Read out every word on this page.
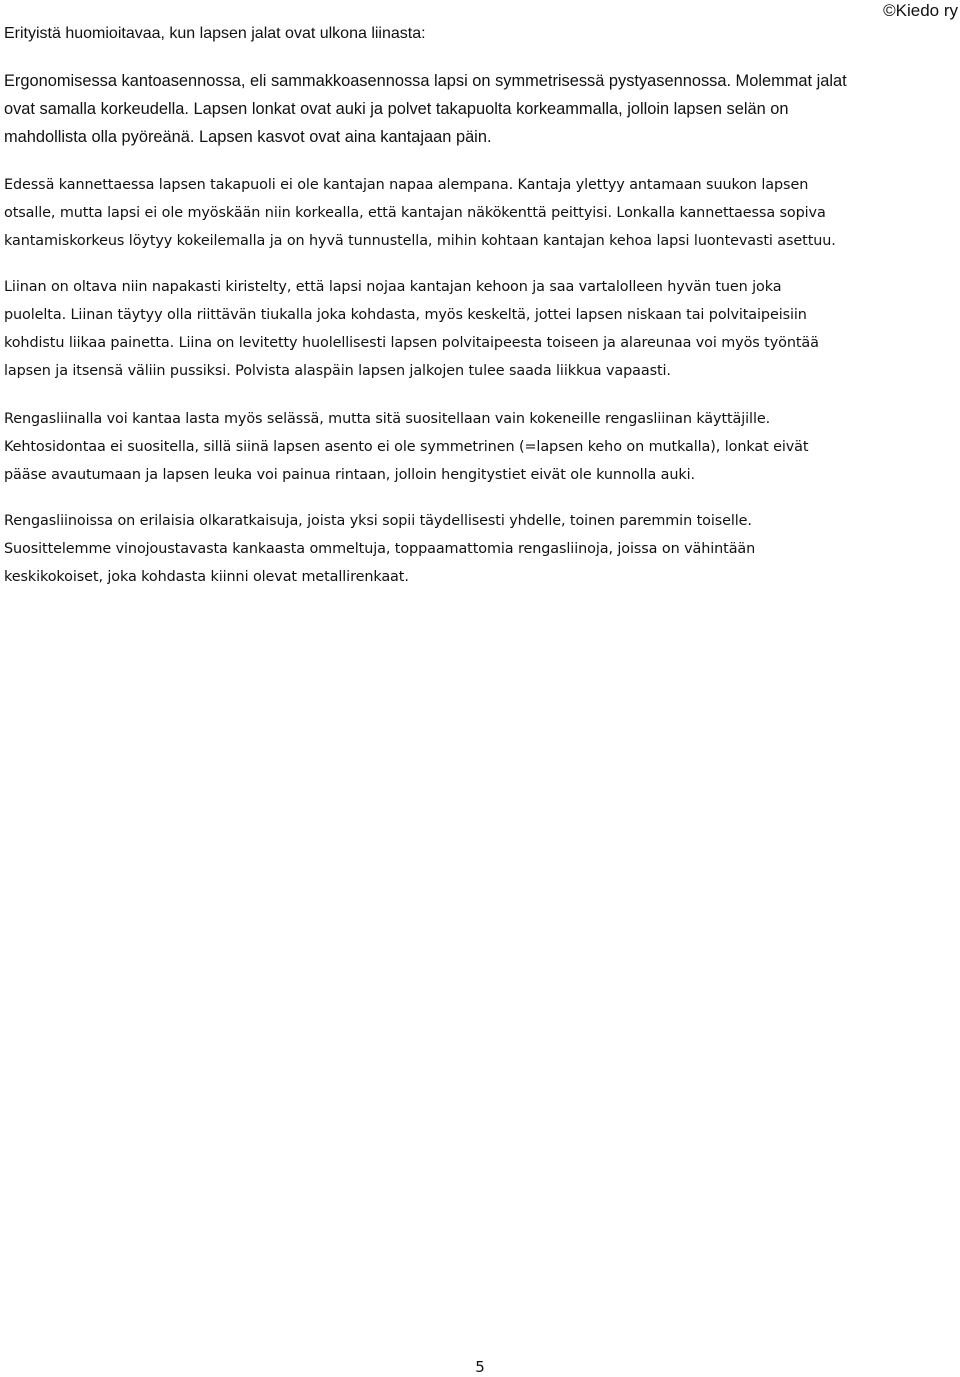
©Kiedo ry
Erityistä huomioitavaa, kun lapsen jalat ovat ulkona liinasta:
Ergonomisessa kantoasennossa, eli sammakkoasennossa lapsi on symmetrisessä pystyasennossa. Molemmat jalat
ovat samalla korkeudella. Lapsen lonkat ovat auki ja polvet takapuolta korkeammalla, jolloin lapsen selän on
mahdollista olla pyöreänä. Lapsen kasvot ovat aina kantajaan päin.
Edessä kannettaessa lapsen takapuoli ei ole kantajan napaa alempana. Kantaja ylettyy antamaan suukon lapsen
otsalle, mutta lapsi ei ole myöskään niin korkealla, että kantajan näkökenttä peittyisi. Lonkalla kannettaessa sopiva
kantamiskorkeus löytyy kokeilemalla ja on hyvä tunnustella, mihin kohtaan kantajan kehoa lapsi luontevasti asettuu.
Liinan on oltava niin napakasti kiristelty, että lapsi nojaa kantajan kehoon ja saa vartalolleen hyvän tuen joka
puolelta. Liinan täytyy olla riittävän tiukalla joka kohdasta, myös keskeltä, jottei lapsen niskaan tai polvitaipeisiin
kohdistu liikaa painetta. Liina on levitetty huolellisesti lapsen polvitaipeesta toiseen ja alareunaa voi myös työntää
lapsen ja itsensä väliin pussiksi. Polvista alaspäin lapsen jalkojen tulee saada liikkua vapaasti.
Rengasliinalla voi kantaa lasta myös selässä, mutta sitä suositellaan vain kokeneille rengasliinan käyttäjille.
Kehtosidontaa ei suositella, sillä siinä lapsen asento ei ole symmetrinen (=lapsen keho on mutkalla), lonkat eivät
pääse avautumaan ja lapsen leuka voi painua rintaan, jolloin hengitystiet eivät ole kunnolla auki.
Rengasliinoissa on erilaisia olkaratkaisuja, joista yksi sopii täydellisesti yhdelle, toinen paremmin toiselle.
Suosittelemme vinojoustavasta kankaasta ommeltuja, toppaamattomia rengasliinoja, joissa on vähintään
keskikokoiset, joka kohdasta kiinni olevat metallirenkaat.
5
